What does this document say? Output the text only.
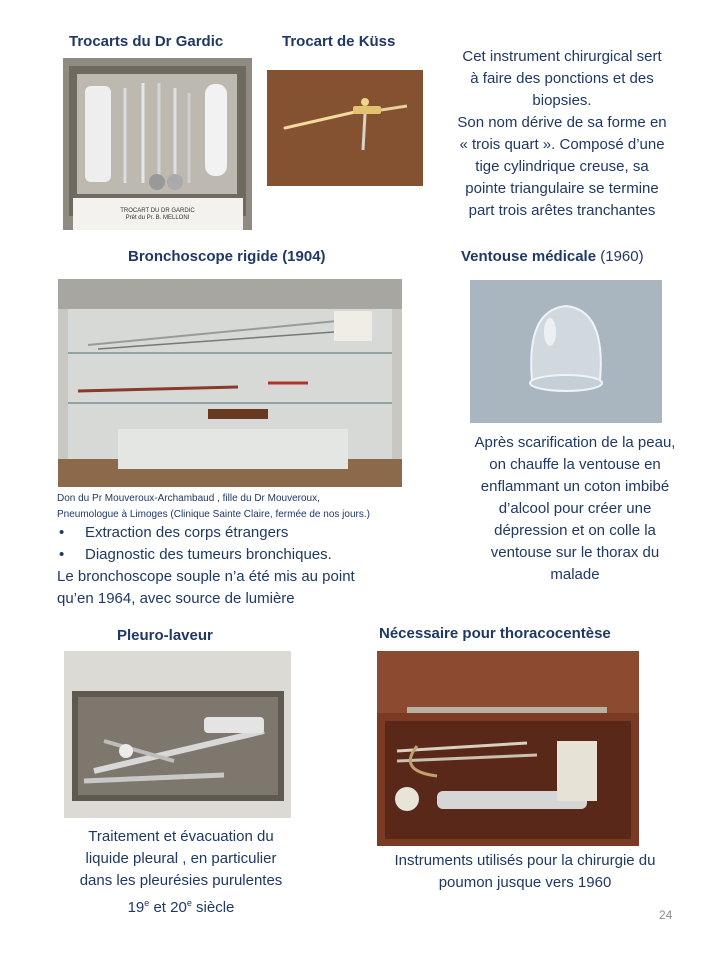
Trocarts du Dr Gardic	Trocart de Küss
TROCART DU DR GARDIC
Prêt du Pr. B. MELLONI
Cet instrument chirurgical sert
à faire des ponctions et des
biopsies.
Son nom dérive de sa forme en
« trois quart ». Composé d’une
tige cylindrique creuse, sa
pointe triangulaire se termine
part trois arêtes tranchantes
Bronchoscope rigide (1904)	Ventouse médicale (1960)
Don du Pr Mouveroux-Archambaud , fille du Dr Mouveroux,
Pneumologue à Limoges (Clinique Sainte Claire, fermée de nos jours.)
• Extraction des corps étrangers
• Diagnostic des tumeurs bronchiques.
Le bronchoscope souple n’a été mis au point
qu’en 1964, avec source de lumière
Après scarification de la peau,
on chauffe la ventouse en
enflammant un coton imbibé
d’alcool pour créer une
dépression et on colle la
ventouse sur le thorax du
malade
Pleuro-laveur	Nécessaire pour thoracocentèse
Traitement et évacuation du
liquide pleural , en particulier
dans les pleurésies purulentes
19e et 20e siècle
Instruments utilisés pour la chirurgie du
poumon jusque vers 1960
24
